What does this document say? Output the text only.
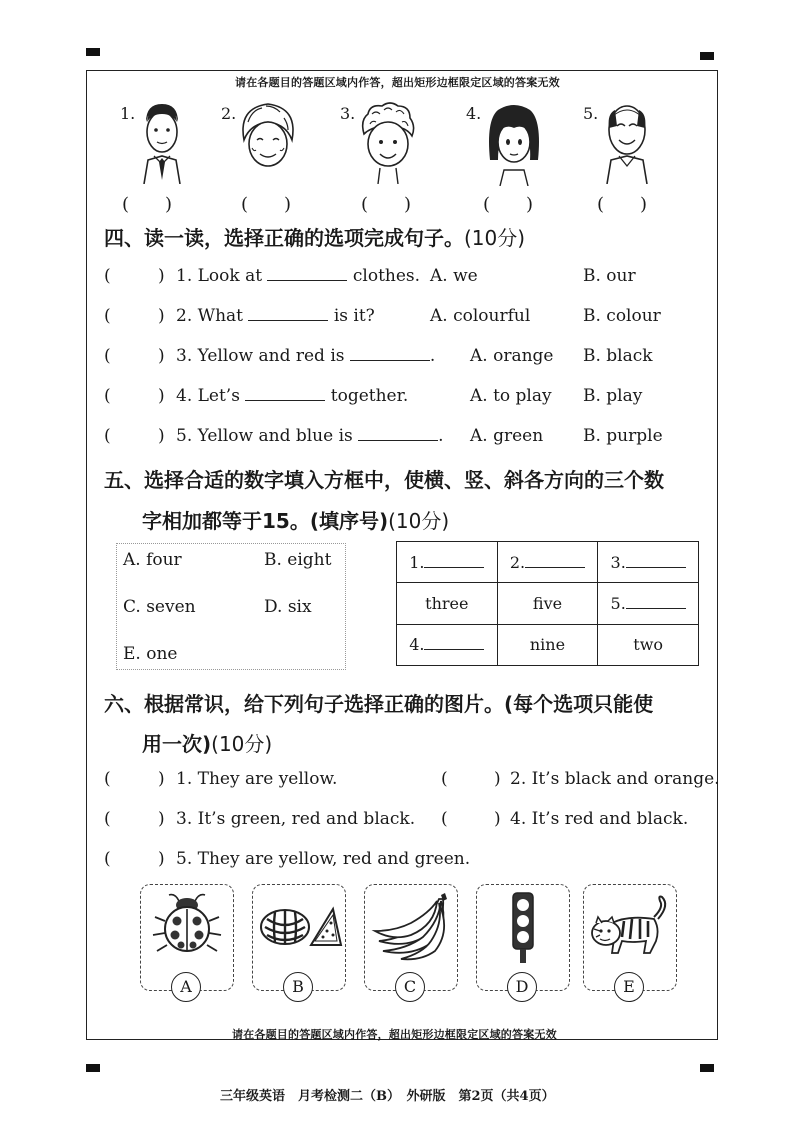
请在各题目的答题区域内作答，超出矩形边框限定区域的答案无效
请在各题目的答题区域内作答，超出矩形边框限定区域的答案无效
三年级英语　月考检测二（B）　外研版　第2页（共4页）
1.	2.	3.	4.	5.
(　　)	(　　)	(　　)	(　　)	(　　)
四、读一读，选择正确的选项完成句子。(10分)
(	) 1. Look at	clothes. A. we	B. our
(	) 2. What	is it?	A. colourful	B. colour
(	) 3. Yellow and red is	. A. orange B. black
(	) 4. Let’s	together.	A. to play B. play
(	) 5. Yellow and blue is	. A. green B. purple
五、选择合适的数字填入方框中，使横、竖、斜各方向的三个数
字相加都等于15。(填序号)(10分)
A. four	B. eight
C. seven	D. six
E. one
1.	2.	3.
three	five	5.
4.	nine	two
六、根据常识，给下列句子选择正确的图片。(每个选项只能使
用一次)(10分)
(	) 1. They are yellow.	(	) 2. It’s black and orange.
(	) 3. It’s green, red and black. (	) 4. It’s red and black.
(	) 5. They are yellow, red and green.
A	B	C	D	E
